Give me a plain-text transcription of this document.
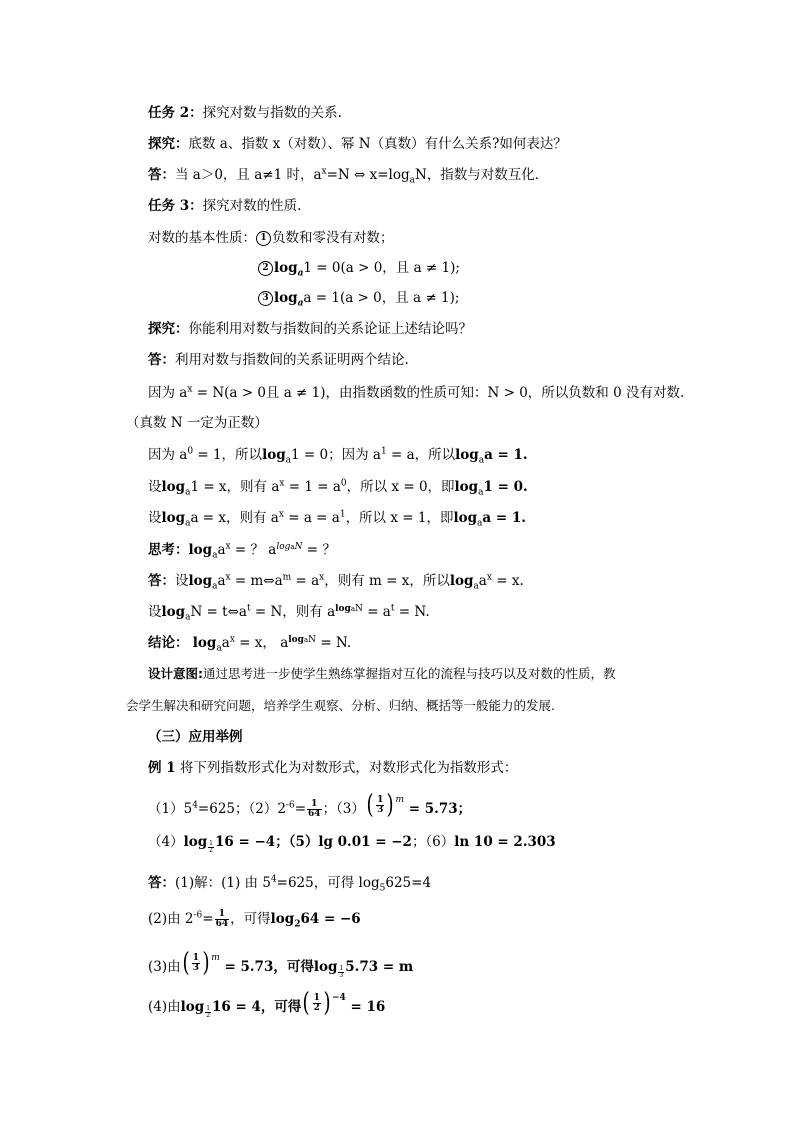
任务 2：探究对数与指数的关系.
探究：底数 a、指数 x（对数）、幂 N（真数）有什么关系?如何表达？
答：当 a＞0，且 a≠1 时，$a^x=N$ ⇔ $x=\log_aN$，指数与对数互化．
任务 3：探究对数的性质.
对数的基本性质： 1 负数和零没有对数；
2 $\log_a1 = 0(a > 0$，且 a ≠ 1);
3 $\log_aa = 1(a > 0$，且 a ≠ 1);
探究：你能利用对数与指数间的关系论证上述结论吗？
答：利用对数与指数间的关系证明两个结论.
因为 $a^x = N(a > 0$且 a ≠ 1)，由指数函数的性质可知：N > 0，所以负数和 0 没有对数.
（真数 N 一定为正数）
因为 $a^0 = 1$，所以$\log_a1 = 0$；因为 $a^1 = a$，所以$\log_aa = 1$.
设$\log_a1 = x$，则有 $a^x = 1 = a^0$，所以 x = 0，即$\log_a1 = 0$.
设$\log_aa = x$，则有 $a^x = a = a^1$，所以 x = 1，即$\log_aa = 1$.
思考：$\log_aa^x$ = ？ $a^{logaN}$ = ？
答：设$\log_aa^x$ = $m\Leftrightarrow a^m = a^x$，则有 m = x，所以$\log_aa^x = x$.
设$\log_aN$ = $t\Leftrightarrow a^t = N$，则有 $a^{logaN} = a^t = N$.
结论： $\log_aa^x = x$， $a^{logaN} = N$.
设计意图:通过思考进一步使学生熟练掌握指对互化的流程与技巧以及对数的性质，教
会学生解决和研究问题，培养学生观察、分析、归纳、概括等一般能力的发展.
（三）应用举例
例 1 将下列指数形式化为对数形式，对数形式化为指数形式：
$(1)5^4=625$；$(2)2^{-6}= \frac{1}{64}$ ；（3） ( $\frac{1}{3}$ ) $^m$ = 5.73；
$(4)\log \frac{1}{2} 16 = -4$；（5）lg 0.01 = −2；（6）ln 10 = 2.303
答：(1)解：(1) 由 $5^4=625$，可得 $\log_5625=4$
(2)由 $2^{-6}= \frac{1}{64}$ ，可得$\log_264 = -6$
(3)由 ( $\frac{1}{3}$ ) $^m$ = 5.73，可得$\log \frac{1}{3} 5.73 = m$
(4)由$\log \frac{1}{2} 16 = 4$，可得 ( $\frac{1}{2}$ ) $^{-4}$ = 16
